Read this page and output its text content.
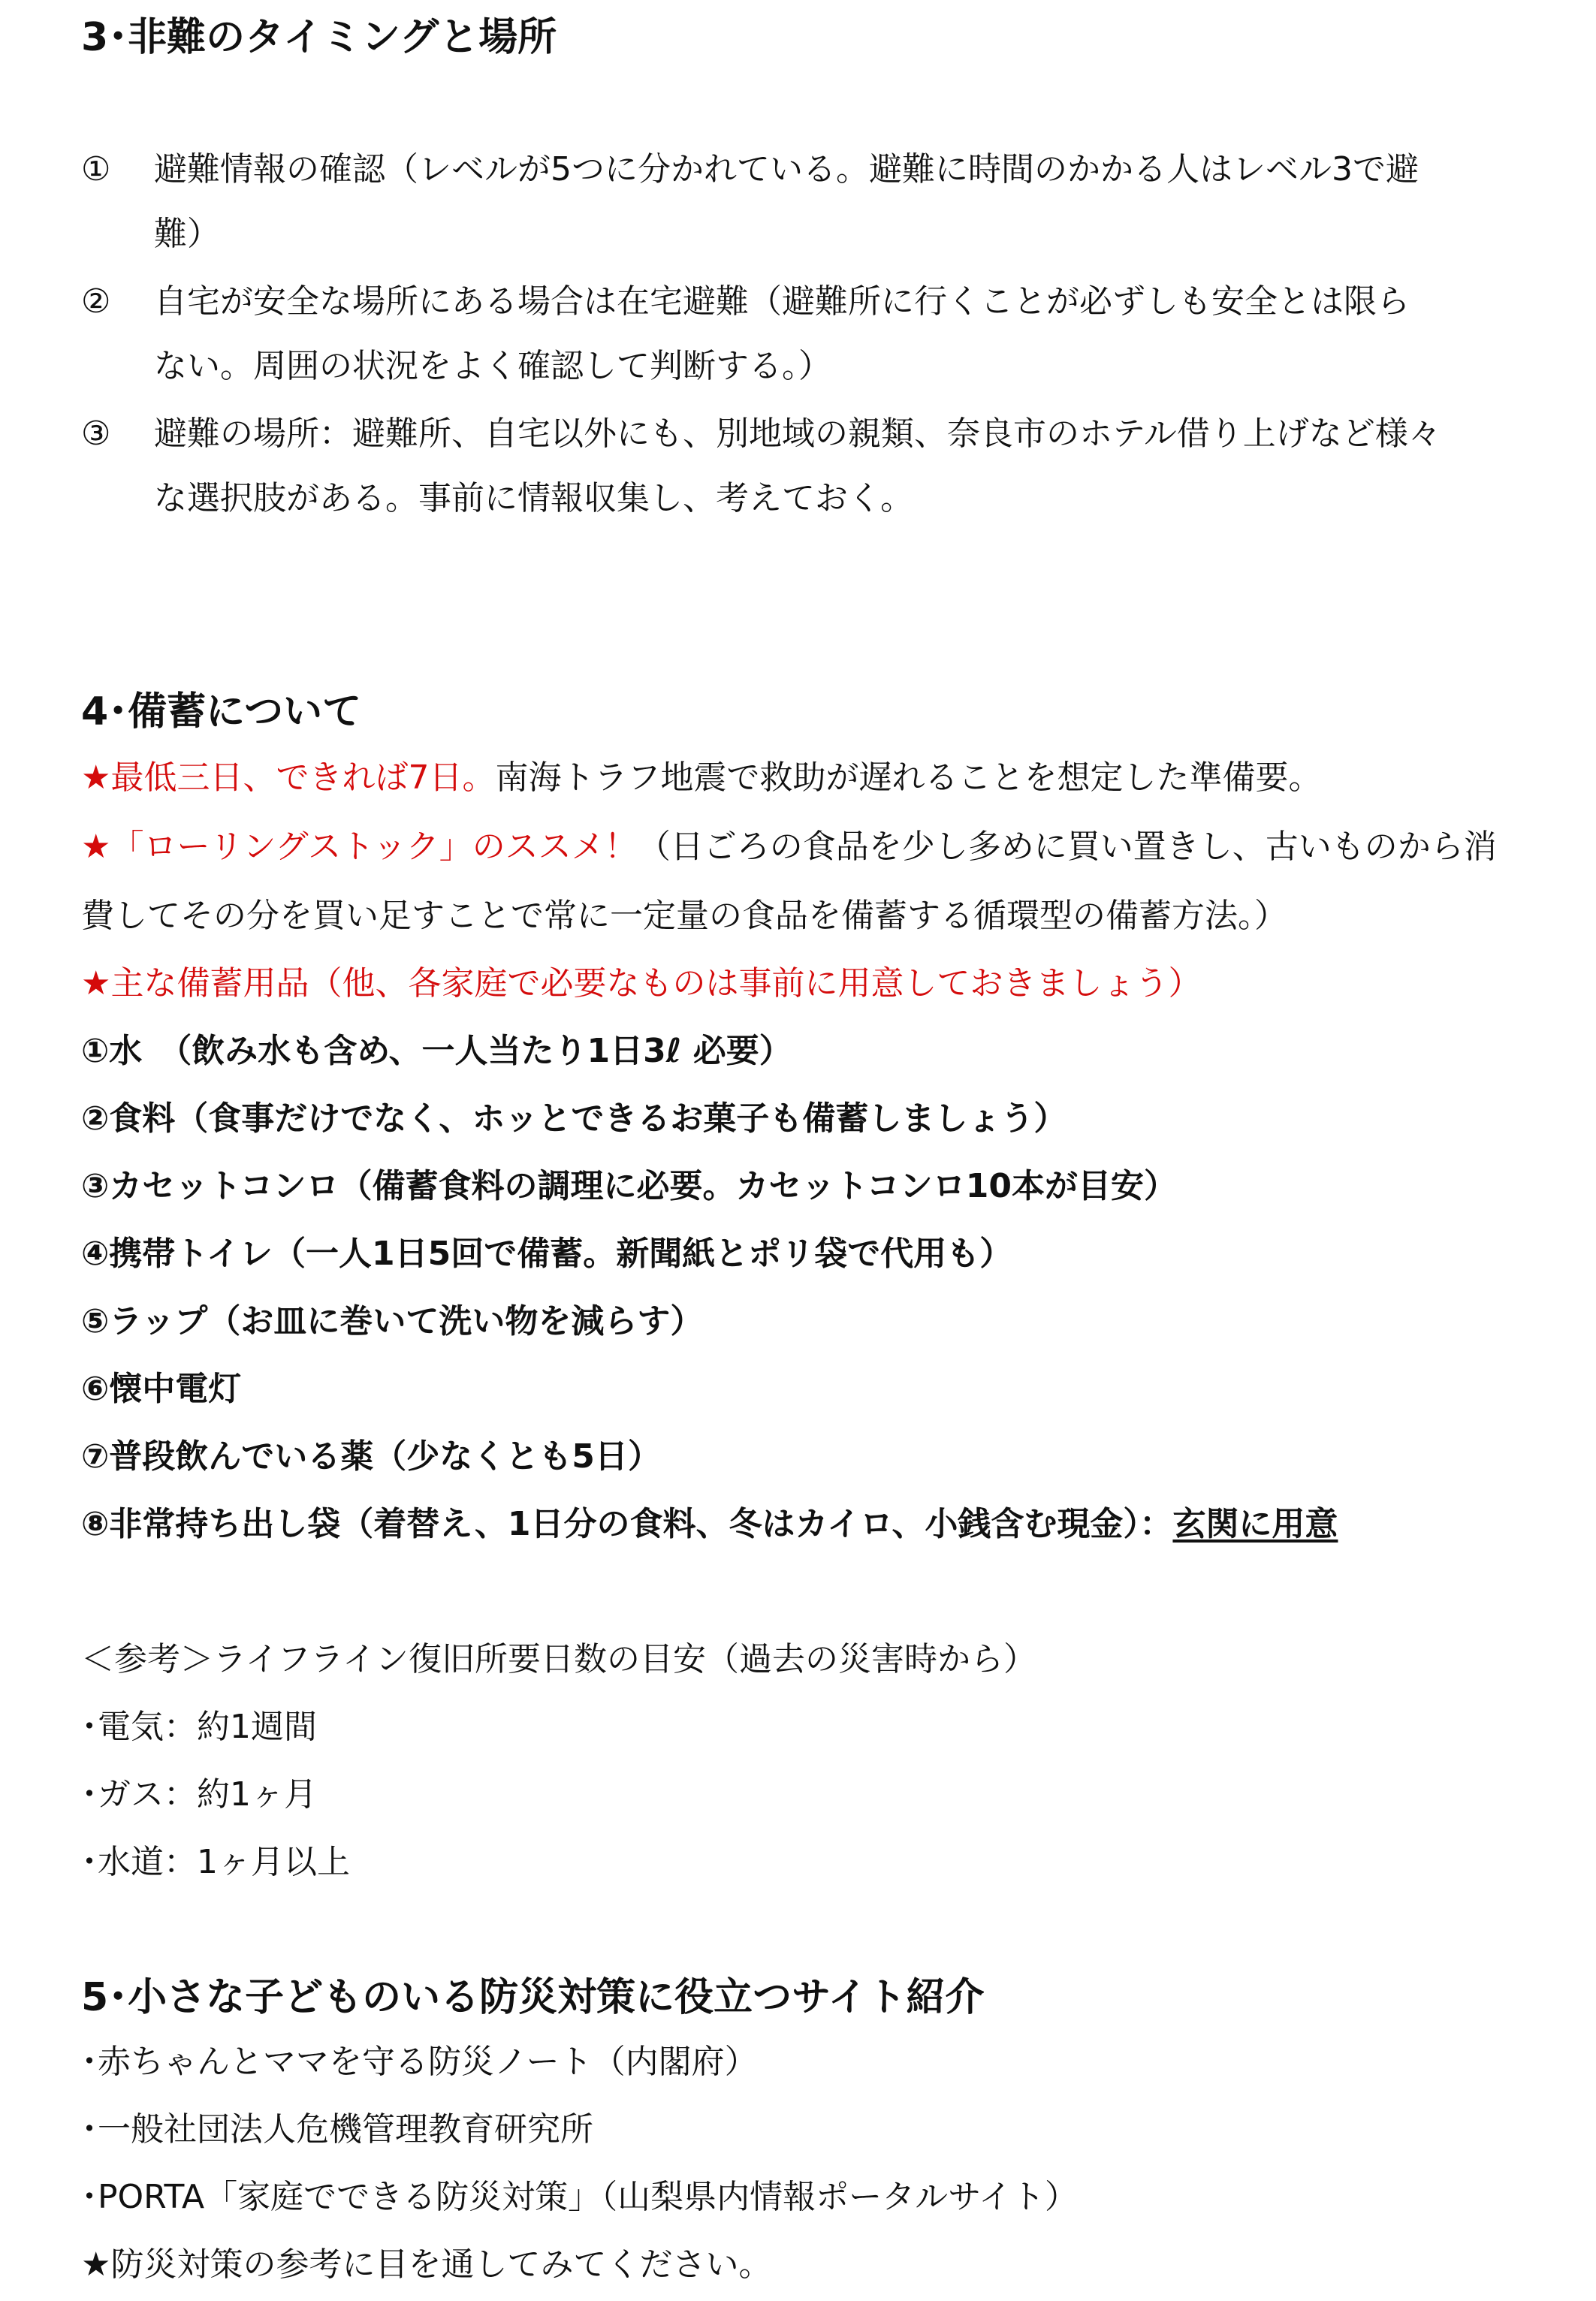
3･非難のタイミングと場所
①	避難情報の確認（レベルが5つに分かれている。避難に時間のかかる人はレベル3で避
難）
②	自宅が安全な場所にある場合は在宅避難（避難所に行くことが必ずしも安全とは限ら
ない。周囲の状況をよく確認して判断する。）
③	避難の場所：避難所、自宅以外にも、別地域の親類、奈良市のホテル借り上げなど様々
な選択肢がある。事前に情報収集し、考えておく。
4･備蓄について
★最低三日、できれば7日。南海トラフ地震で救助が遅れることを想定した準備要。
★「ローリングストック」のススメ！（日ごろの食品を少し多めに買い置きし、古いものから消
費してその分を買い足すことで常に一定量の食品を備蓄する循環型の備蓄方法。）
★主な備蓄用品（他、各家庭で必要なものは事前に用意しておきましょう）
①水　（飲み水も含め、一人当たり1日3ℓ 必要）
②食料（食事だけでなく、ホッとできるお菓子も備蓄しましょう）
③カセットコンロ（備蓄食料の調理に必要。カセットコンロ10本が目安）
④携帯トイレ（一人1日5回で備蓄。新聞紙とポリ袋で代用も）
⑤ラップ（お皿に巻いて洗い物を減らす）
⑥懐中電灯
⑦普段飲んでいる薬（少なくとも5日）
⑧非常持ち出し袋（着替え、1日分の食料、冬はカイロ、小銭含む現金）：玄関に用意
＜参考＞ライフライン復旧所要日数の目安（過去の災害時から）
･電気：約1週間
･ガス：約1ヶ月
･水道：1ヶ月以上
5･小さな子どものいる防災対策に役立つサイト紹介
･赤ちゃんとママを守る防災ノート（内閣府）
･一般社団法人危機管理教育研究所
･PORTA「家庭でできる防災対策」（山梨県内情報ポータルサイト）
★防災対策の参考に目を通してみてください。
